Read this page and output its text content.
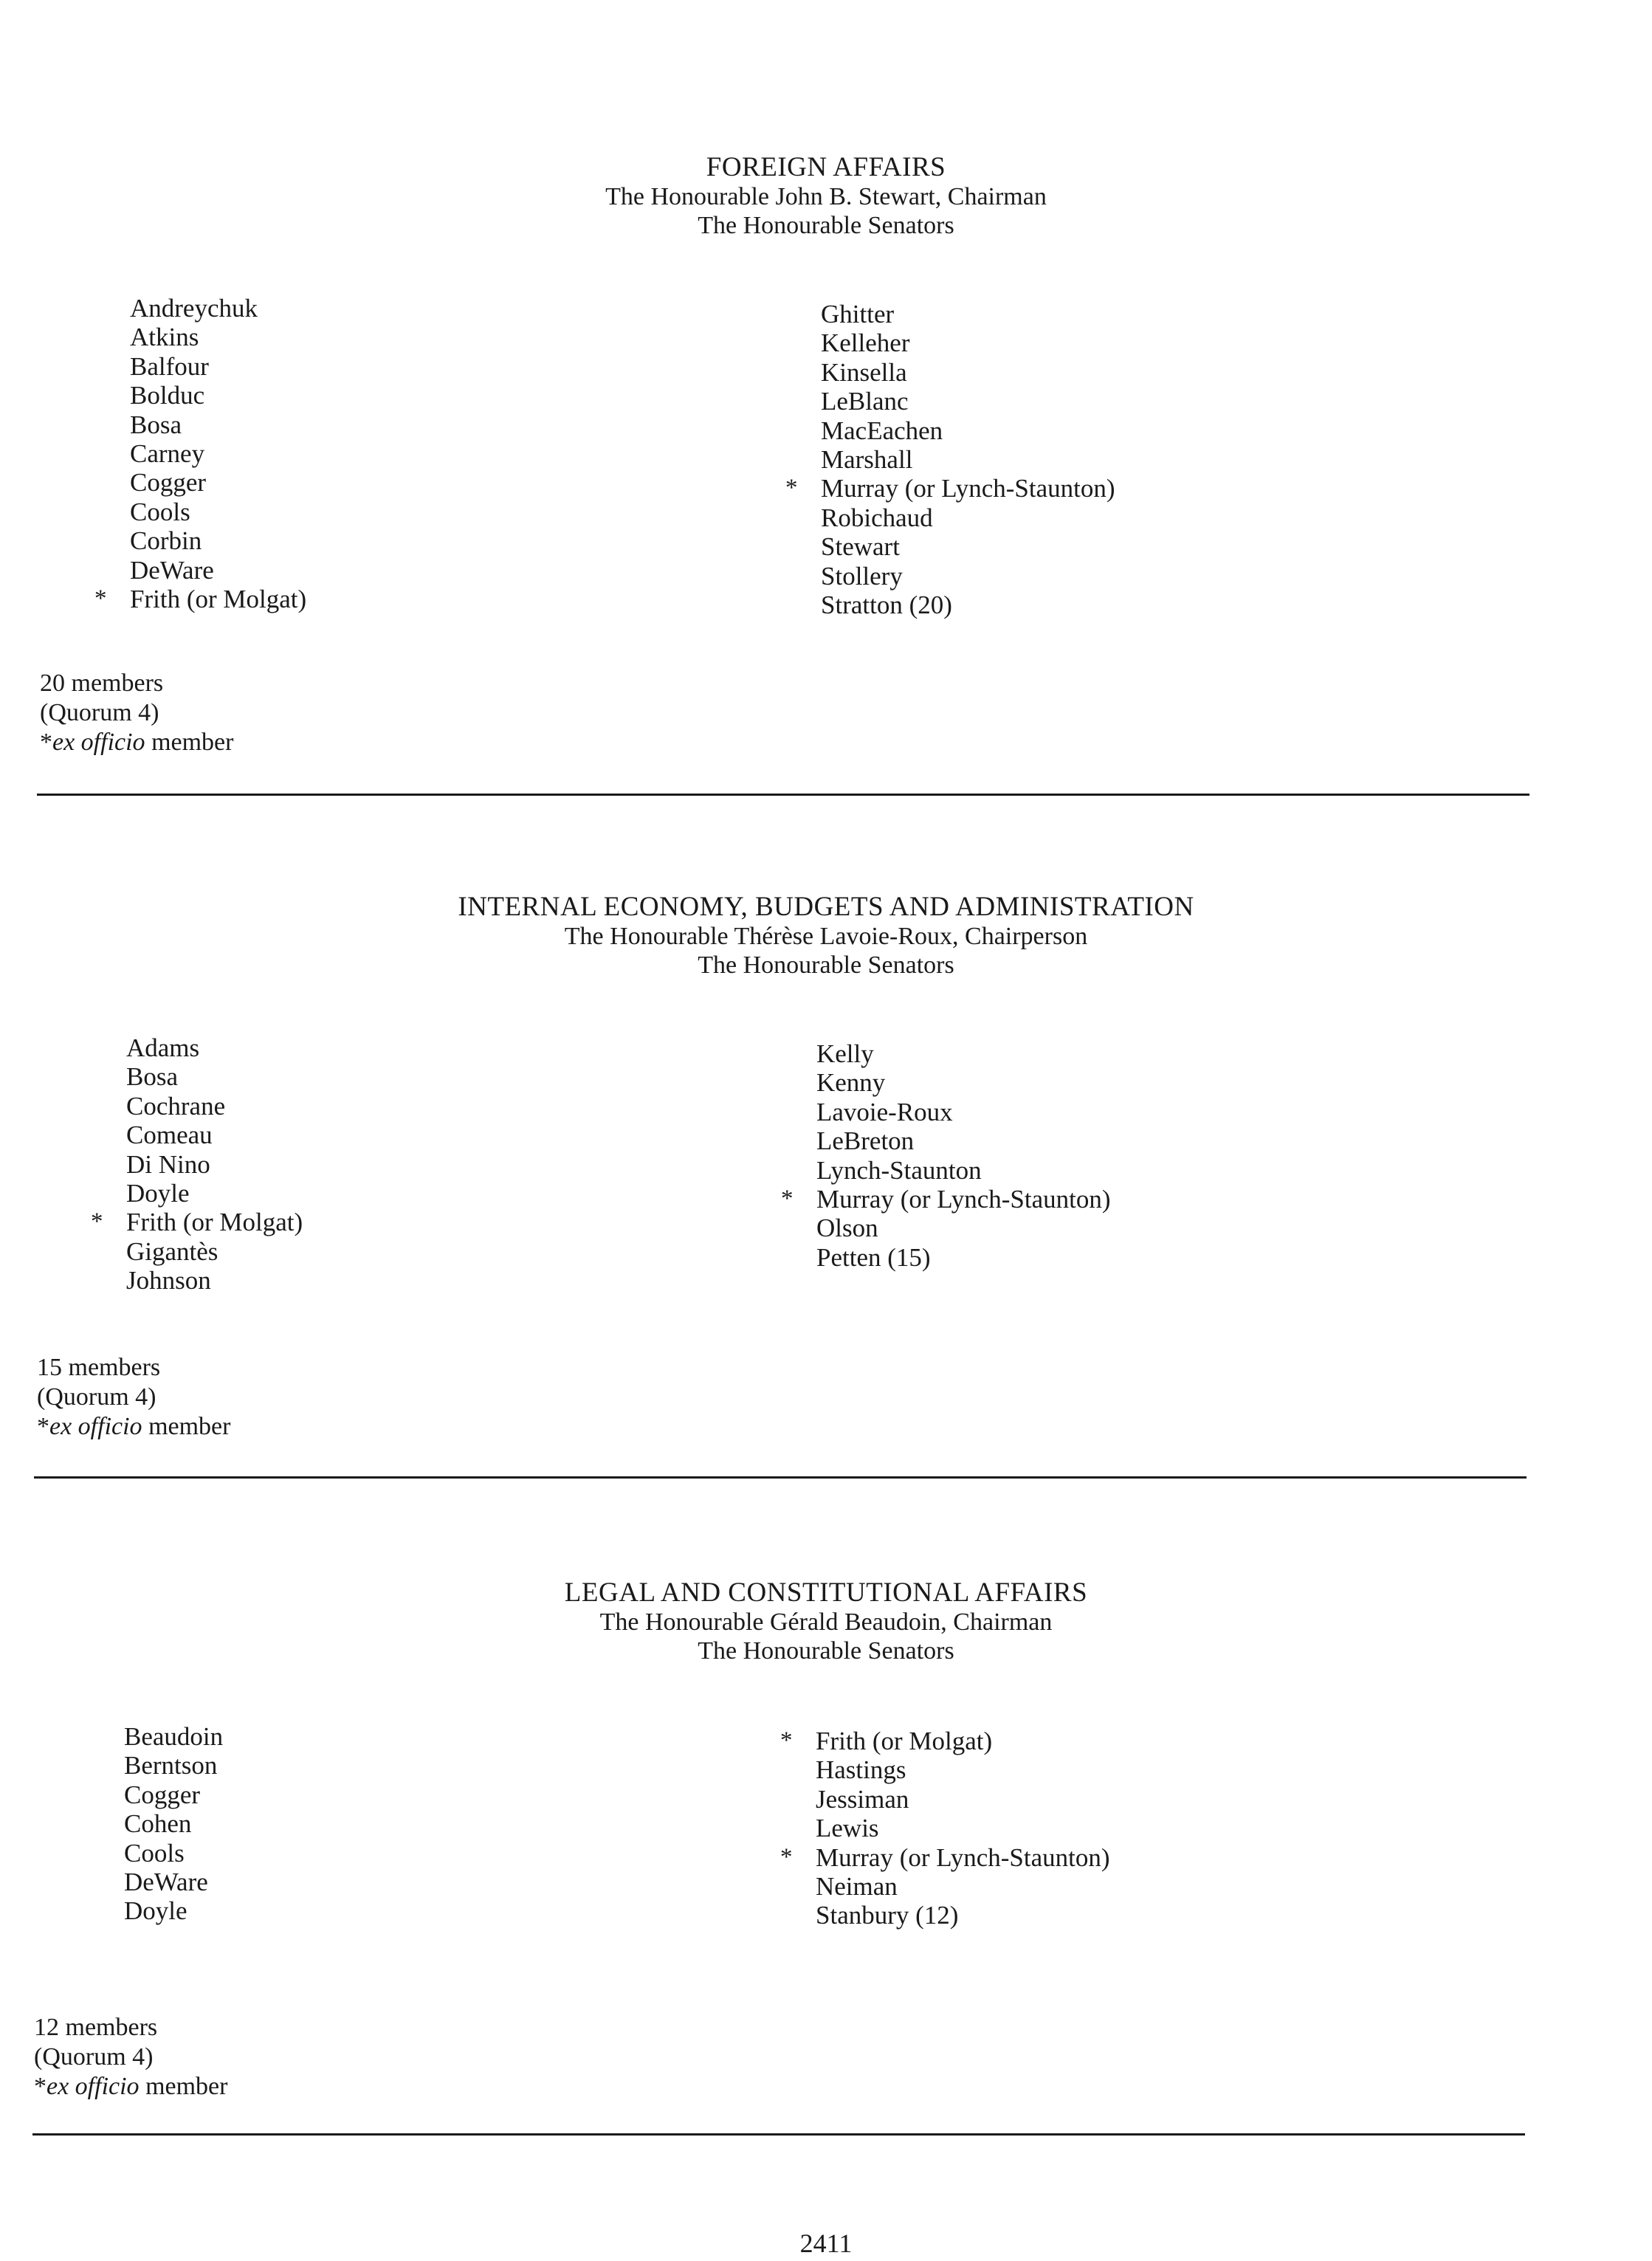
FOREIGN AFFAIRS
The Honourable John B. Stewart, Chairman
The Honourable Senators
Andreychuk
Atkins
Balfour
Bolduc
Bosa
Carney
Cogger
Cools
Corbin
DeWare
* Frith (or Molgat)
Ghitter
Kelleher
Kinsella
LeBlanc
MacEachen
Marshall
* Murray (or Lynch-Staunton)
Robichaud
Stewart
Stollery
Stratton (20)
20 members
(Quorum 4)
*ex officio member
INTERNAL ECONOMY, BUDGETS AND ADMINISTRATION
The Honourable Thérèse Lavoie-Roux, Chairperson
The Honourable Senators
Adams
Bosa
Cochrane
Comeau
Di Nino
Doyle
* Frith (or Molgat)
Gigantès
Johnson
Kelly
Kenny
Lavoie-Roux
LeBreton
Lynch-Staunton
* Murray (or Lynch-Staunton)
Olson
Petten (15)
15 members
(Quorum 4)
*ex officio member
LEGAL AND CONSTITUTIONAL AFFAIRS
The Honourable Gérald Beaudoin, Chairman
The Honourable Senators
Beaudoin
Berntson
Cogger
Cohen
Cools
DeWare
Doyle
* Frith (or Molgat)
Hastings
Jessiman
Lewis
* Murray (or Lynch-Staunton)
Neiman
Stanbury (12)
12 members
(Quorum 4)
*ex officio member
2411
